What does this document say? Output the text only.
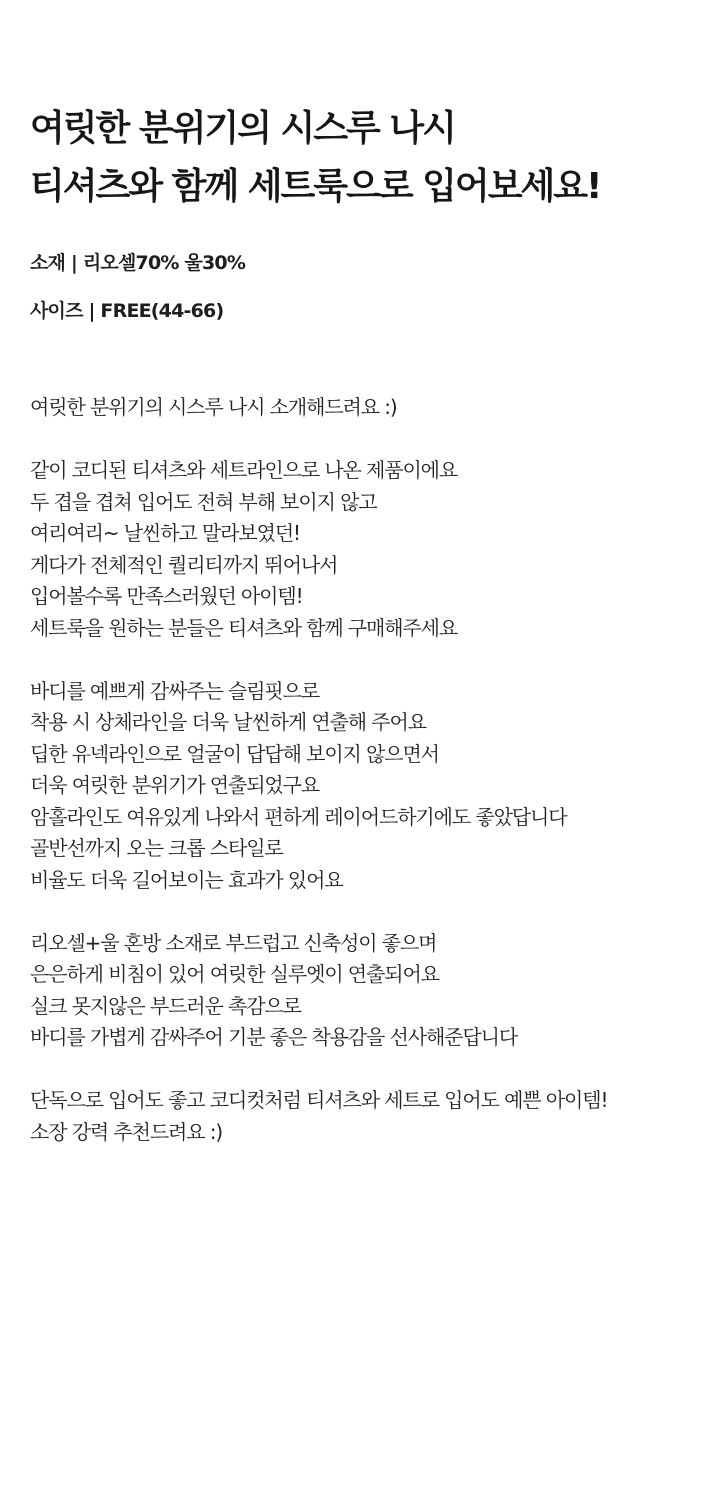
여릿한 분위기의 시스루 나시
티셔츠와 함께 세트룩으로 입어보세요!
소재 | 리오셀70% 울30%
사이즈 | FREE(44-66)
여릿한 분위기의 시스루 나시 소개해드려요 :)
같이 코디된 티셔츠와 세트라인으로 나온 제품이에요
두 겹을 겹쳐 입어도 전혀 부해 보이지 않고
여리여리~ 날씬하고 말라보였던!
게다가 전체적인 퀄리티까지 뛰어나서
입어볼수록 만족스러웠던 아이템!
세트룩을 원하는 분들은 티셔츠와 함께 구매해주세요
바디를 예쁘게 감싸주는 슬림핏으로
착용 시 상체라인을 더욱 날씬하게 연출해 주어요
딥한 유넥라인으로 얼굴이 답답해 보이지 않으면서
더욱 여릿한 분위기가 연출되었구요
암홀라인도 여유있게 나와서 편하게 레이어드하기에도 좋았답니다
골반선까지 오는 크롭 스타일로
비율도 더욱 길어보이는 효과가 있어요
리오셀+울 혼방 소재로 부드럽고 신축성이 좋으며
은은하게 비침이 있어 여릿한 실루엣이 연출되어요
실크 못지않은 부드러운 촉감으로
바디를 가볍게 감싸주어 기분 좋은 착용감을 선사해준답니다
단독으로 입어도 좋고 코디컷처럼 티셔츠와 세트로 입어도 예쁜 아이템!
소장 강력 추천드려요 :)
